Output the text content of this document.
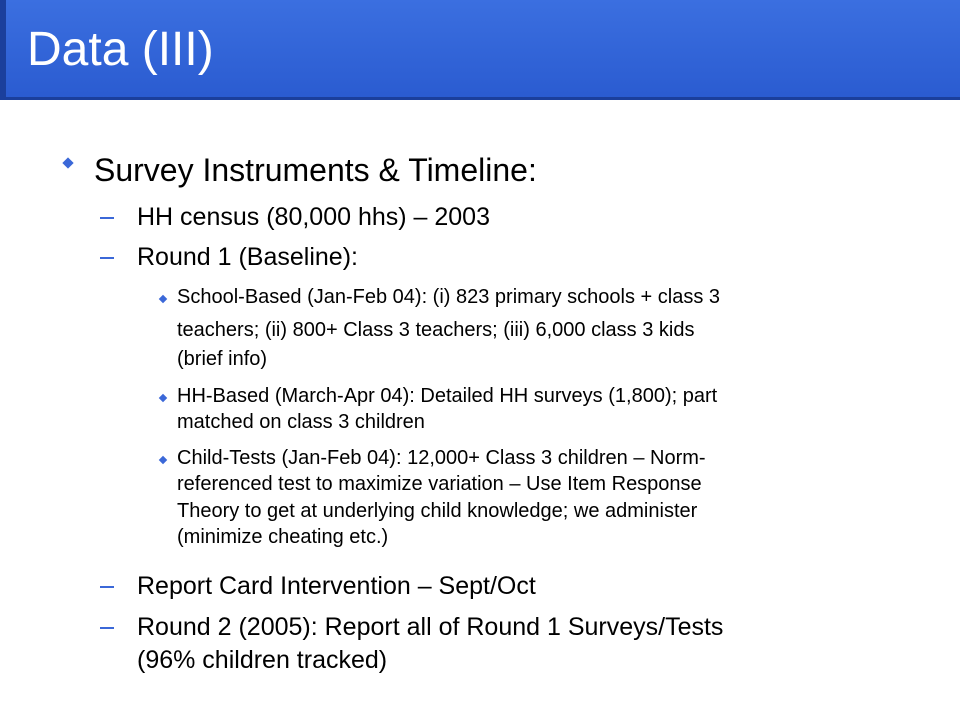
Data (III)
Survey Instruments & Timeline:
HH census (80,000 hhs) – 2003
Round 1 (Baseline):
School-Based (Jan-Feb 04): (i) 823 primary schools + class 3
teachers; (ii) 800+ Class 3 teachers; (iii) 6,000 class 3 kids
(brief info)
HH-Based (March-Apr 04): Detailed HH surveys (1,800); part
matched on class 3 children
Child-Tests (Jan-Feb 04): 12,000+ Class 3 children – Norm-
referenced test to maximize variation – Use Item Response
Theory to get at underlying child knowledge; we administer
(minimize cheating etc.)
Report Card Intervention – Sept/Oct
Round 2 (2005): Report all of Round 1 Surveys/Tests
(96% children tracked)
